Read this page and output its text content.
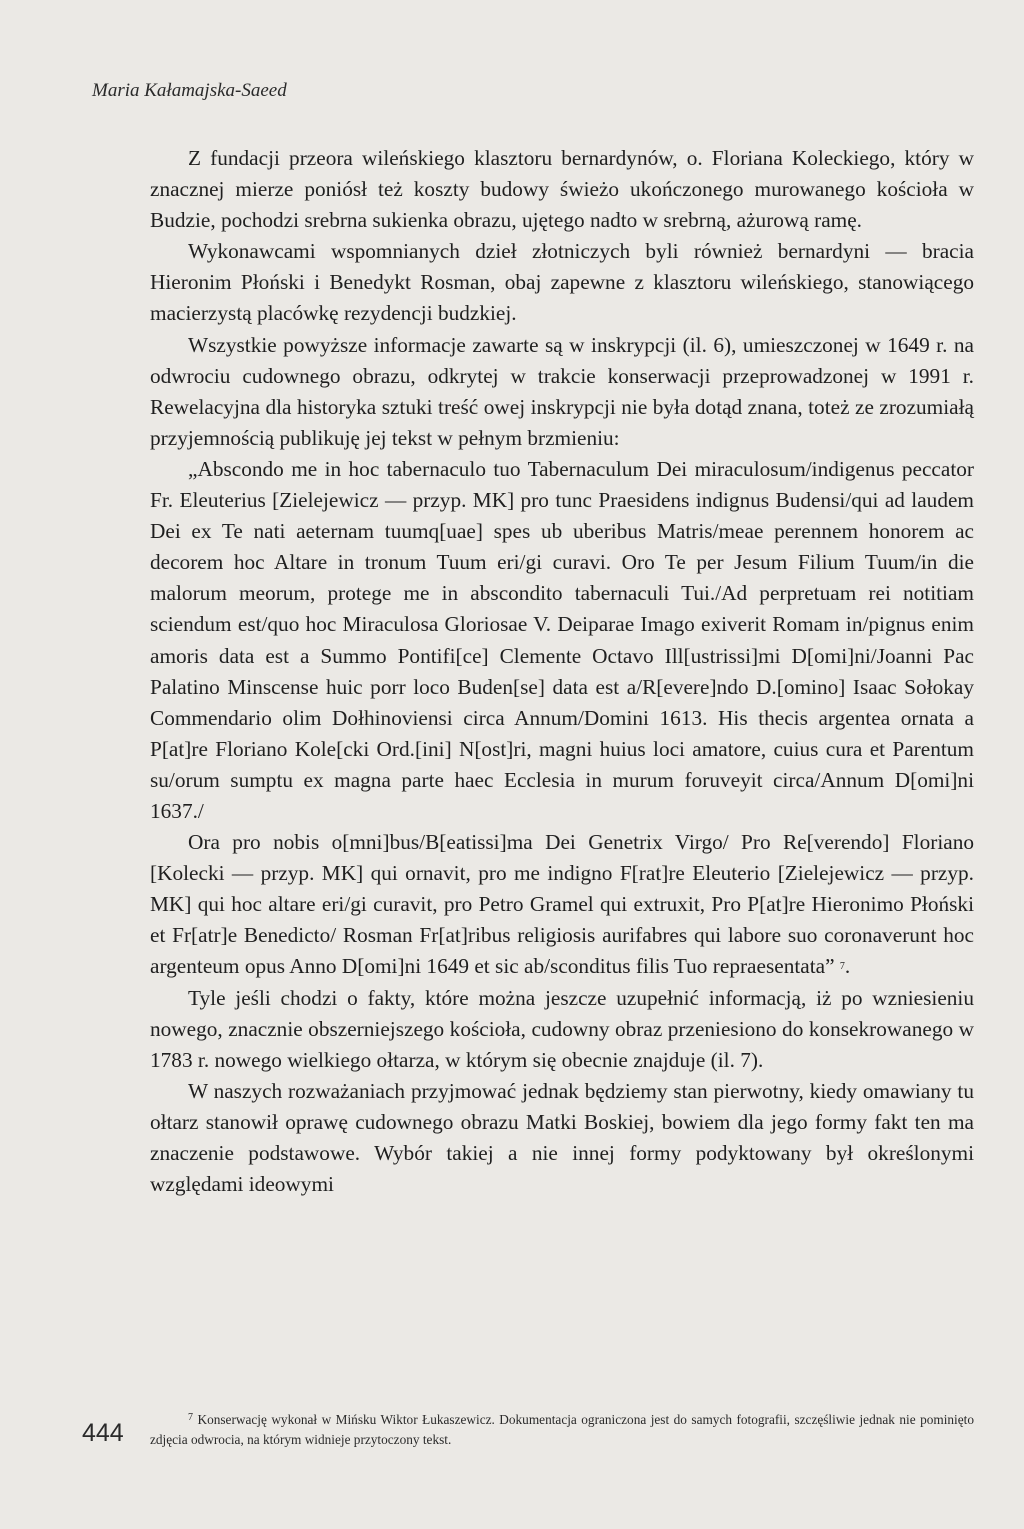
Maria Kałamajska-Saeed

Z fundacji przeora wileńskiego klasztoru bernardynów, o. Floriana Koleckiego, który w znacznej mierze poniósł też koszty budowy świeżo ukończonego murowanego kościoła w Budzie, pochodzi srebrna sukienka obrazu, ujętego nadto w srebrną, ażurową ramę.

Wykonawcami wspomnianych dzieł złotniczych byli również bernardyni — bracia Hieronim Płoński i Benedykt Rosman, obaj zapewne z klasztoru wileńskiego, stanowiącego macierzystą placówkę rezydencji budzkiej.

Wszystkie powyższe informacje zawarte są w inskrypcji (il. 6), umieszczonej w 1649 r. na odwrociu cudownego obrazu, odkrytej w trakcie konserwacji przeprowadzonej w 1991 r. Rewelacyjna dla historyka sztuki treść owej inskrypcji nie była dotąd znana, toteż ze zrozumiałą przyjemnością publikuję jej tekst w pełnym brzmieniu:

„Abscondo me in hoc tabernaculo tuo Tabernaculum Dei miraculosum/indigenus peccator Fr. Eleuterius [Zielejewicz — przyp. MK] pro tunc Praesidens indignus Budensi/qui ad laudem Dei ex Te nati aeternam tuumq[uae] spes ub uberibus Matris/meae perennem honorem ac decorem hoc Altare in tronum Tuum eri/gi curavi. Oro Te per Jesum Filium Tuum/in die malorum meorum, protege me in abscondito tabernaculi Tui./Ad perpretuam rei notitiam sciendum est/quo hoc Miraculosa Gloriosae V. Deiparae Imago exiverit Romam in/pignus enim amoris data est a Summo Pontifi[ce] Clemente Octavo Ill[ustrissi]mi D[omi]ni/Joanni Pac Palatino Minscense huic porr loco Buden[se] data est a/R[evere]ndo D.[omino] Isaac Sołokay Commendario olim Dołhinoviensi circa Annum/Domini 1613. His thecis argentea ornata a P[at]re Floriano Kole[cki Ord.[ini] N[ost]ri, magni huius loci amatore, cuius cura et Parentum su/orum sumptu ex magna parte haec Ecclesia in murum foruveyit circa/Annum D[omi]ni 1637./

Ora pro nobis o[mni]bus/B[eatissi]ma Dei Genetrix Virgo/ Pro Re[verendo] Floriano [Kolecki — przyp. MK] qui ornavit, pro me indigno F[rat]re Eleuterio [Zielejewicz — przyp. MK] qui hoc altare eri/gi curavit, pro Petro Gramel qui extruxit, Pro P[at]re Hieronimo Płoński et Fr[atr]e Benedicto/ Rosman Fr[at]ribus religiosis aurifabres qui labore suo coronaverunt hoc argenteum opus Anno D[omi]ni 1649 et sic ab/sconditus filis Tuo repraesentata” 7.

Tyle jeśli chodzi o fakty, które można jeszcze uzupełnić informacją, iż po wzniesieniu nowego, znacznie obszerniejszego kościoła, cudowny obraz przeniesiono do konsekrowanego w 1783 r. nowego wielkiego ołtarza, w którym się obecnie znajduje (il. 7).

W naszych rozważaniach przyjmować jednak będziemy stan pierwotny, kiedy omawiany tu ołtarz stanowił oprawę cudownego obrazu Matki Boskiej, bowiem dla jego formy fakt ten ma znaczenie podstawowe. Wybór takiej a nie innej formy podyktowany był określonymi względami ideowymi

$^7$ Konserwację wykonał w Mińsku Wiktor Łukaszewicz. Dokumentacja ograniczona jest do samych fotografii, szczęśliwie jednak nie pominięto zdjęcia odwrocia, na którym widnieje przytoczony tekst.

444
